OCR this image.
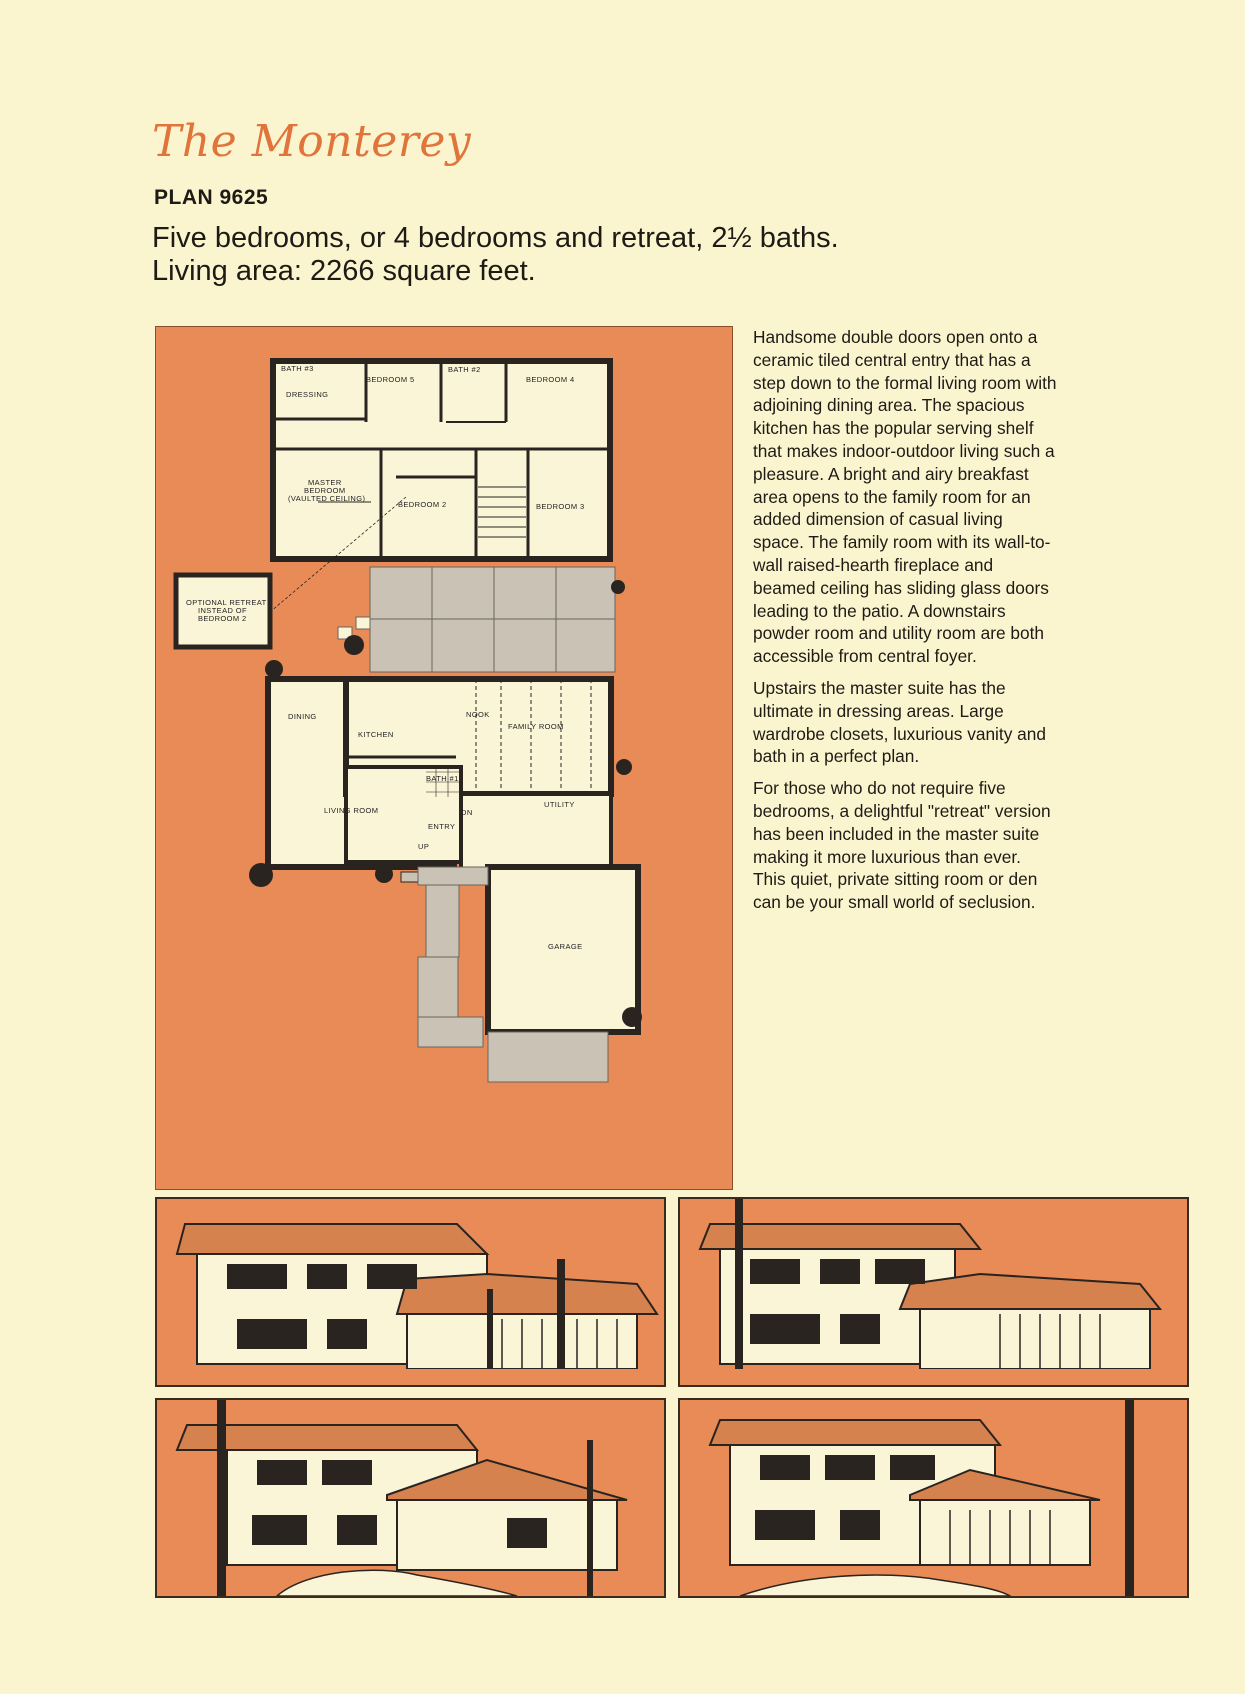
The Monterey
PLAN 9625
Five bedrooms, or 4 bedrooms and retreat, 2½ baths.
Living area: 2266 square feet.
BATH #3
DRESSING
BEDROOM 5
BATH #2
BEDROOM 4
MASTER
BEDROOM
(VAULTED CEILING)
BEDROOM 2	BEDROOM 3
OPTIONAL RETREAT
INSTEAD OF
BEDROOM 2
DINING
KITCHEN
NOOK
FAMILY ROOM
LIVING ROOM
BATH #1
ENTRY
UTILITY
GARAGE
DN
UP

Handsome double doors open onto a ceramic tiled central entry that has a step down to the formal living room with adjoining dining area. The spacious kitchen has the popular serving shelf that makes indoor-outdoor living such a pleasure. A bright and airy breakfast area opens to the family room for an added dimension of casual living space. The family room with its wall-to-wall raised-hearth fireplace and beamed ceiling has sliding glass doors leading to the patio. A downstairs powder room and utility room are both accessible from central foyer.

Upstairs the master suite has the ultimate in dressing areas. Large wardrobe closets, luxurious vanity and bath in a perfect plan.

For those who do not require five bedrooms, a delightful "retreat" version has been included in the master suite making it more luxurious than ever. This quiet, private sitting room or den can be your small world of seclusion.
